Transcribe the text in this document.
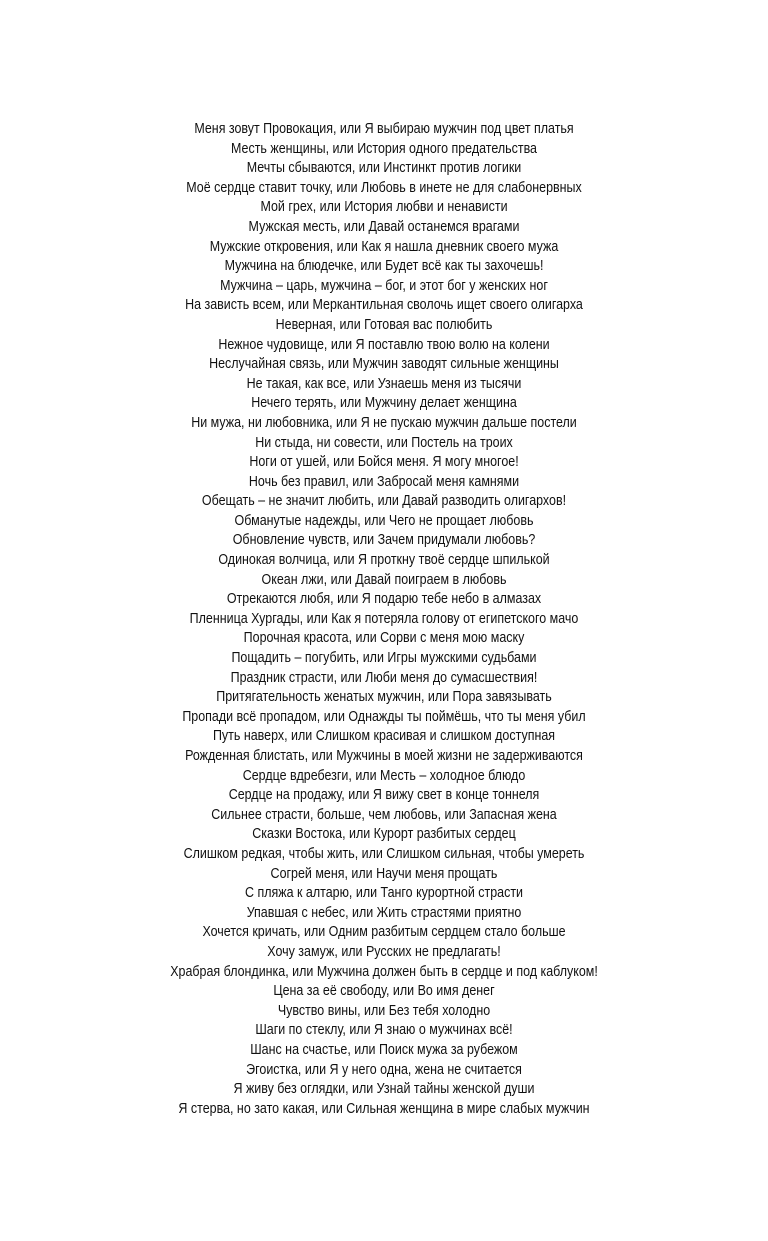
Меня зовут Провокация, или Я выбираю мужчин под цвет платья
Месть женщины, или История одного предательства
Мечты сбываются, или Инстинкт против логики
Моё сердце ставит точку, или Любовь в инете не для слабонервных
Мой грех, или История любви и ненависти
Мужская месть, или Давай останемся врагами
Мужские откровения, или Как я нашла дневник своего мужа
Мужчина на блюдечке, или Будет всё как ты захочешь!
Мужчина – царь, мужчина – бог, и этот бог у женских ног
На зависть всем, или Меркантильная сволочь ищет своего олигарха
Неверная, или Готовая вас полюбить
Нежное чудовище, или Я поставлю твою волю на колени
Неслучайная связь, или Мужчин заводят сильные женщины
Не такая, как все, или Узнаешь меня из тысячи
Нечего терять, или Мужчину делает женщина
Ни мужа, ни любовника, или Я не пускаю мужчин дальше постели
Ни стыда, ни совести, или Постель на троих
Ноги от ушей, или Бойся меня. Я могу многое!
Ночь без правил, или Забросай меня камнями
Обещать – не значит любить, или Давай разводить олигархов!
Обманутые надежды, или Чего не прощает любовь
Обновление чувств, или Зачем придумали любовь?
Одинокая волчица, или Я проткну твоё сердце шпилькой
Океан лжи, или Давай поиграем в любовь
Отрекаются любя, или Я подарю тебе небо в алмазах
Пленница Хургады, или Как я потеряла голову от египетского мачо
Порочная красота, или Сорви с меня мою маску
Пощадить – погубить, или Игры мужскими судьбами
Праздник страсти, или Люби меня до сумасшествия!
Притягательность женатых мужчин, или Пора завязывать
Пропади всё пропадом, или Однажды ты поймёшь, что ты меня убил
Путь наверх, или Слишком красивая и слишком доступная
Рожденная блистать, или Мужчины в моей жизни не задерживаются
Сердце вдребезги, или Месть – холодное блюдо
Сердце на продажу, или Я вижу свет в конце тоннеля
Сильнее страсти, больше, чем любовь, или Запасная жена
Сказки Востока, или Курорт разбитых сердец
Слишком редкая, чтобы жить, или Слишком сильная, чтобы умереть
Согрей меня, или Научи меня прощать
С пляжа к алтарю, или Танго курортной страсти
Упавшая с небес, или Жить страстями приятно
Хочется кричать, или Одним разбитым сердцем стало больше
Хочу замуж, или Русских не предлагать!
Храбрая блондинка, или Мужчина должен быть в сердце и под каблуком!
Цена за её свободу, или Во имя денег
Чувство вины, или Без тебя холодно
Шаги по стеклу, или Я знаю о мужчинах всё!
Шанс на счастье, или Поиск мужа за рубежом
Эгоистка, или Я у него одна, жена не считается
Я живу без оглядки, или Узнай тайны женской души
Я стерва, но зато какая, или Сильная женщина в мире слабых мужчин
